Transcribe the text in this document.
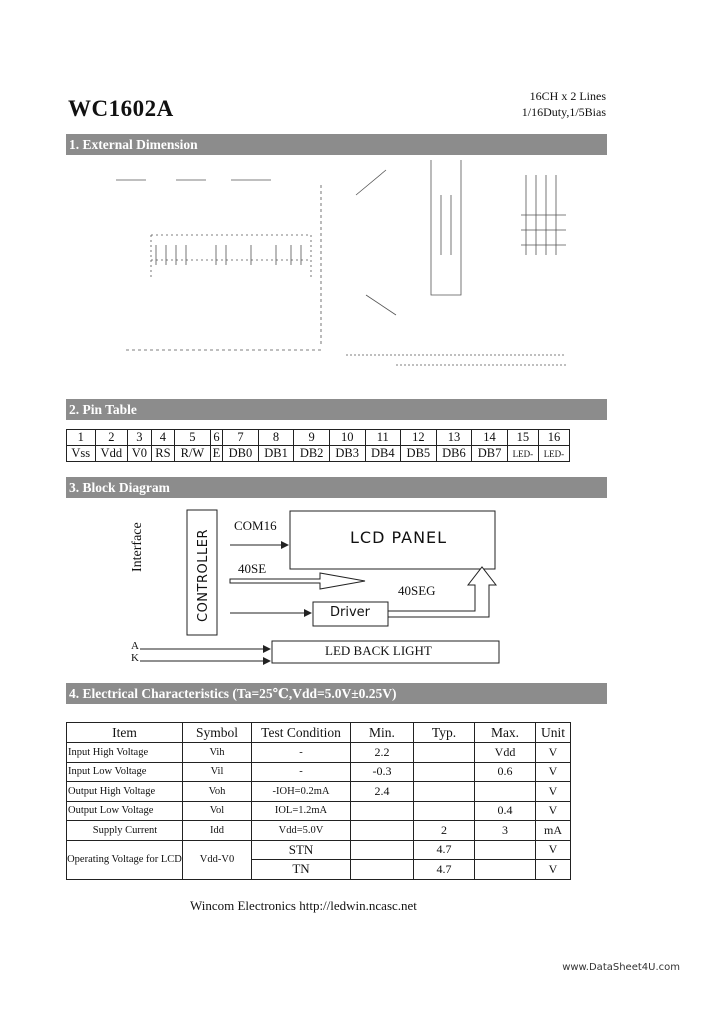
WC1602A	16CH x 2 Lines
1/16Duty,1/5Bias
1. External Dimension
2. Pin Table
1	2	3	4	5	6	7	8	9	10	11	12	13	14	15	16
Vss	Vdd	V0	RS	R/W	E	DB0	DB1	DB2	DB3	DB4	DB5	DB6	DB7	LED-	LED-
3. Block Diagram
Interface	CONTROLLER
COM16
LCD PANEL
40SE
40SEG
Driver
A
K	LED BACK LIGHT
4. Electrical Characteristics (Ta=25℃,Vdd=5.0V±0.25V)
Item	Symbol	Test Condition	Min.	Typ.	Max.	Unit
Input High Voltage	Vih	-	2.2		Vdd	V
Input Low Voltage	Vil	-	-0.3		0.6	V
Output High Voltage	Voh	-IOH=0.2mA	2.4			V
Output Low Voltage	Vol	IOL=1.2mA			0.4	V
Supply Current	Idd	Vdd=5.0V		2	3	mA
Operating Voltage for LCD	Vdd-V0	STN		4.7		V
		TN		4.7		V
Wincom Electronics http://ledwin.ncasc.net
www.DataSheet4U.com
